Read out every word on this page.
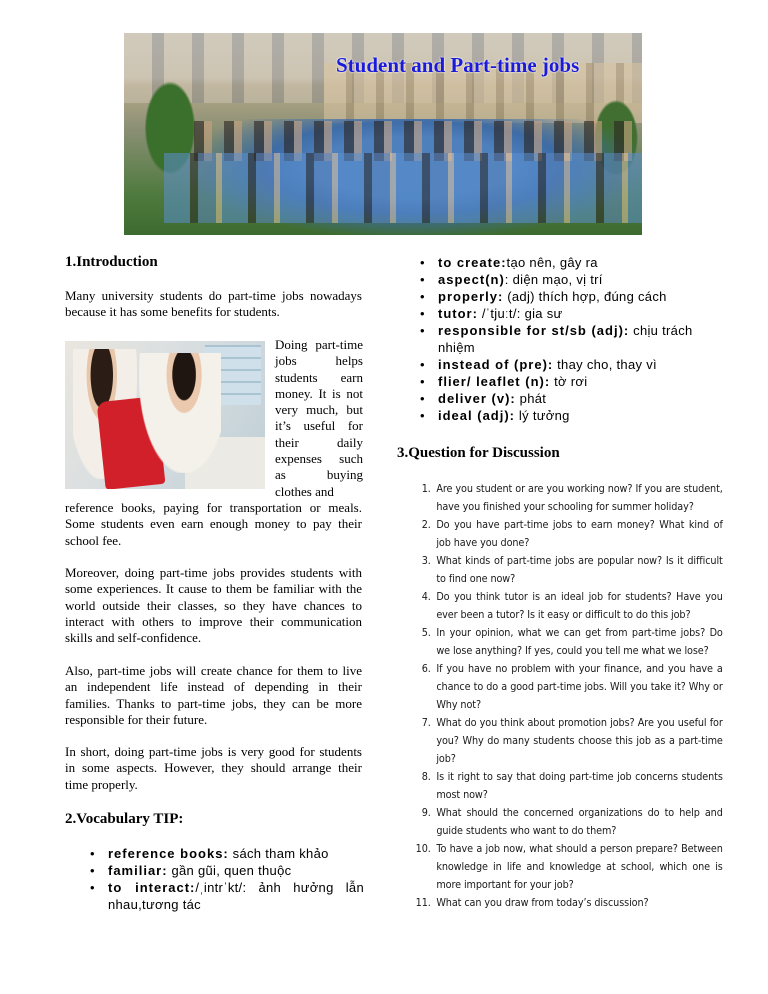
Student and Part-time jobs
1.Introduction

Many university students do part-time jobs nowadays because it has some benefits for students.

Doing part-time jobs helps students earn money. It is not very much, but it’s useful for their daily expenses such as buying clothes and

reference books, paying for transportation or meals. Some students even earn enough money to pay their school fee.

Moreover, doing part-time jobs provides students with some experiences. It cause to them be familiar with the world outside their classes, so they have chances to interact with others to improve their communication skills and self-confidence.

Also, part-time jobs will create chance for them to live an independent life instead of depending in their families. Thanks to part-time jobs, they can be more responsible for their future.

In short, doing part-time jobs is very good for students in some aspects. However, they should arrange their time properly.

2.Vocabulary TIP:
• reference books: sách tham khảo
• familiar: gần gũi, quen thuộc
• to interact:/ˌintrˈkt/: ảnh hưởng lẫn nhau,tương tác
• to create:tạo nên, gây ra
• aspect(n): diện mạo, vị trí
• properly: (adj) thích hợp, đúng cách
• tutor: /ˈtjuːt/: gia sư
• responsible for st/sb (adj): chịu trách nhiệm
• instead of (pre): thay cho, thay vì
• flier/ leaflet (n): tờ rơi
• deliver (v): phát
• ideal (adj): lý tưởng
3.Question for Discussion
1. Are you student or are you working now? If you are student, have you finished your schooling for summer holiday?
2. Do you have part-time jobs to earn money? What kind of job have you done?
3. What kinds of part-time jobs are popular now? Is it difficult to find one now?
4. Do you think tutor is an ideal job for students? Have you ever been a tutor? Is it easy or difficult to do this job?
5. In your opinion, what we can get from part-time jobs? Do we lose anything? If yes, could you tell me what we lose?
6. If you have no problem with your finance, and you have a chance to do a good part-time jobs. Will you take it? Why or Why not?
7. What do you think about promotion jobs? Are you useful for you? Why do many students choose this job as a part-time job?
8. Is it right to say that doing part-time job concerns students most now?
9. What should the concerned organizations do to help and guide students who want to do them?
10. To have a job now, what should a person prepare? Between knowledge in life and knowledge at school, which one is more important for your job?
11. What can you draw from today’s discussion?
